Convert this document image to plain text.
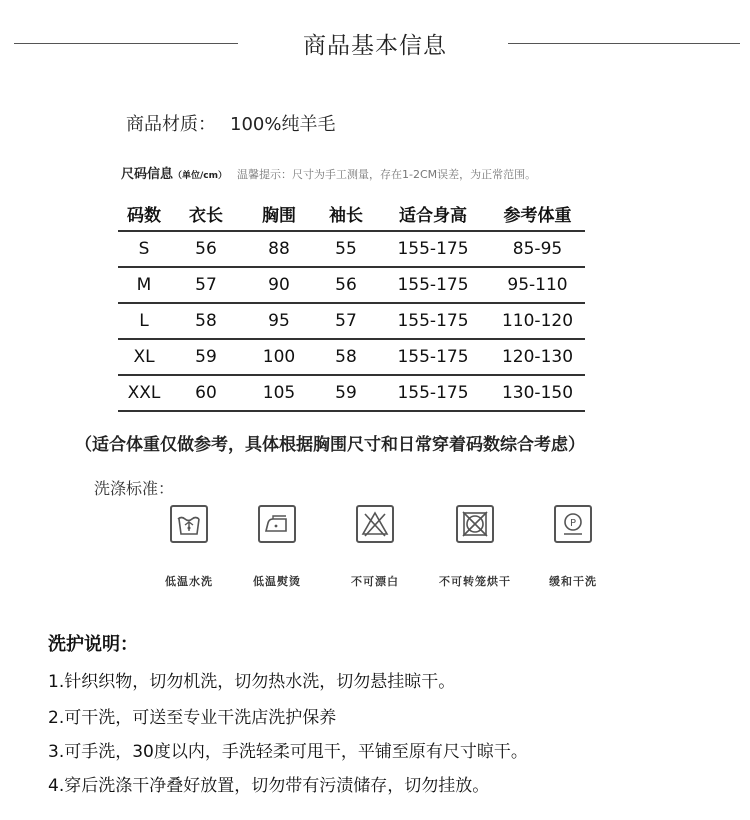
商品基本信息
商品材质： 100%纯羊毛
尺码信息（单位/cm） 温馨提示：尺寸为手工测量，存在1-2CM误差，为正常范围。
码数	衣长	胸围	袖长	适合身高	参考体重
S	56	88	55	155-175	85-95
M	57	90	56	155-175	95-110
L	58	95	57	155-175	110-120
XL	59	100	58	155-175	120-130
XXL	60	105	59	155-175	130-150
（适合体重仅做参考，具体根据胸围尺寸和日常穿着码数综合考虑）
洗涤标准：
低温水洗	低温熨烫	不可漂白	不可转笼烘干
P
缓和干洗
洗护说明：
1.针织织物，切勿机洗，切勿热水洗，切勿悬挂晾干。
2.可干洗，可送至专业干洗店洗护保养
3.可手洗，30度以内，手洗轻柔可甩干，平铺至原有尺寸晾干。
4.穿后洗涤干净叠好放置，切勿带有污渍储存，切勿挂放。
